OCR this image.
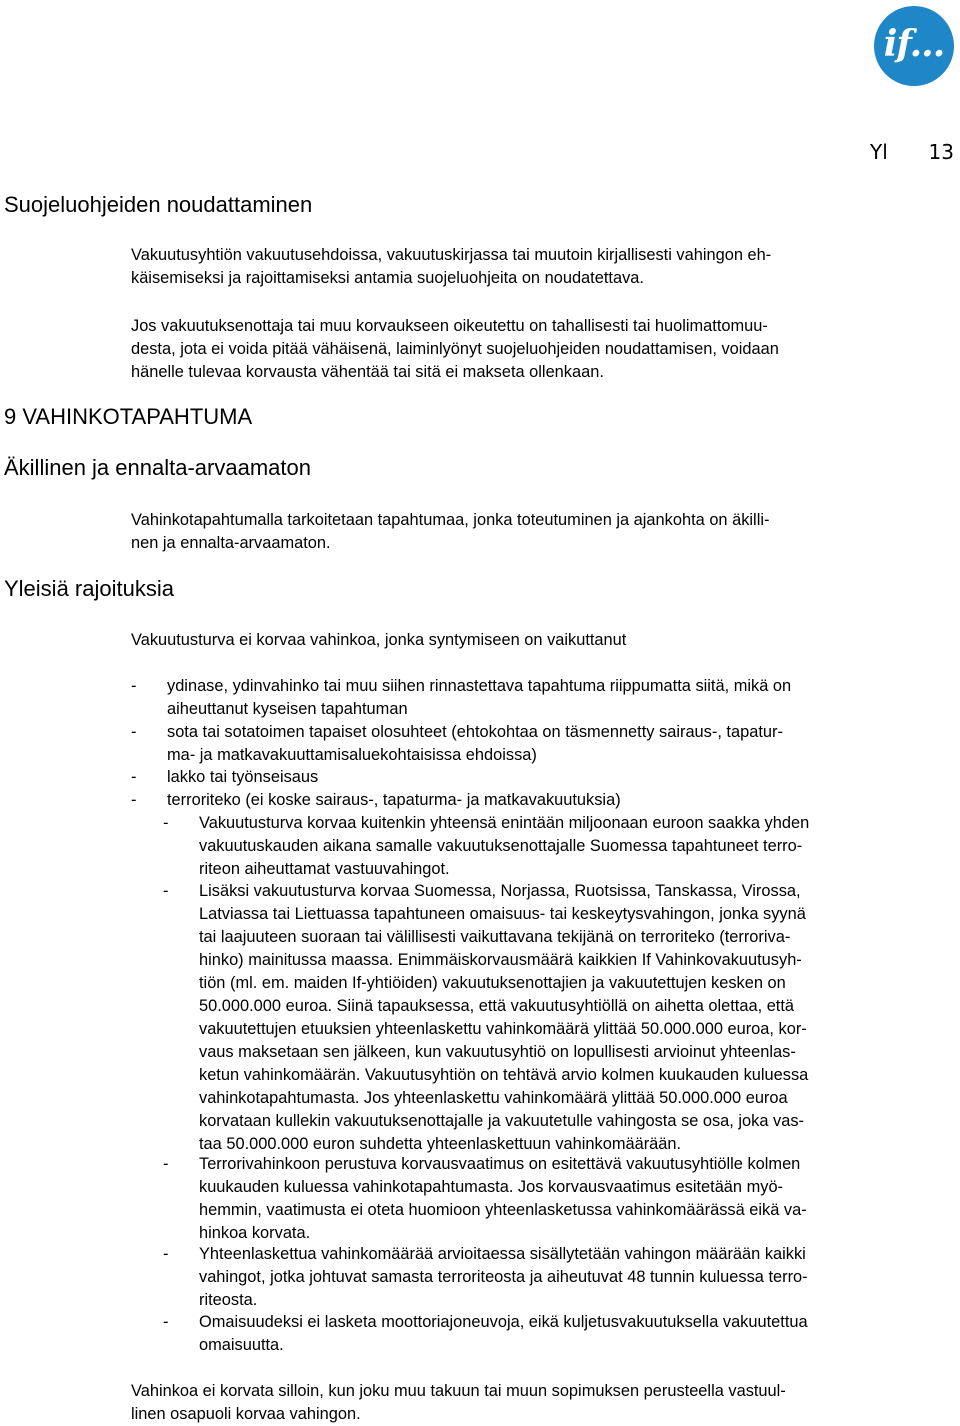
if...
Yl 13
Suojeluohjeiden noudattaminen
9 VAHINKOTAPAHTUMA
Äkillinen ja ennalta-arvaamaton
Yleisiä rajoituksia
Vakuutusyhtiön vakuutusehdoissa, vakuutuskirjassa tai muutoin kirjallisesti vahingon eh-
käisemiseksi ja rajoittamiseksi antamia suojeluohjeita on noudatettava.
Jos vakuutuksenottaja tai muu korvaukseen oikeutettu on tahallisesti tai huolimattomuu-
desta, jota ei voida pitää vähäisenä, laiminlyönyt suojeluohjeiden noudattamisen, voidaan
hänelle tulevaa korvausta vähentää tai sitä ei makseta ollenkaan.
Vahinkotapahtumalla tarkoitetaan tapahtumaa, jonka toteutuminen ja ajankohta on äkilli-
nen ja ennalta-arvaamaton.
Vakuutusturva ei korvaa vahinkoa, jonka syntymiseen on vaikuttanut
- ydinase, ydinvahinko tai muu siihen rinnastettava tapahtuma riippumatta siitä, mikä on
aiheuttanut kyseisen tapahtuman
- sota tai sotatoimen tapaiset olosuhteet (ehtokohtaa on täsmennetty sairaus-, tapatur-
ma- ja matkavakuuttamisaluekohtaisissa ehdoissa)
- lakko tai työnseisaus
- terroriteko (ei koske sairaus-, tapaturma- ja matkavakuutuksia)
- Vakuutusturva korvaa kuitenkin yhteensä enintään miljoonaan euroon saakka yhden
vakuutuskauden aikana samalle vakuutuksenottajalle Suomessa tapahtuneet terro-
riteon aiheuttamat vastuuvahingot.
- Lisäksi vakuutusturva korvaa Suomessa, Norjassa, Ruotsissa, Tanskassa, Virossa,
Latviassa tai Liettuassa tapahtuneen omaisuus- tai keskeytysvahingon, jonka syynä
tai laajuuteen suoraan tai välillisesti vaikuttavana tekijänä on terroriteko (terroriva-
hinko) mainitussa maassa. Enimmäiskorvausmäärä kaikkien If Vahinkovakuutusyh-
tiön (ml. em. maiden If-yhtiöiden) vakuutuksenottajien ja vakuutettujen kesken on
50.000.000 euroa. Siinä tapauksessa, että vakuutusyhtiöllä on aihetta olettaa, että
vakuutettujen etuuksien yhteenlaskettu vahinkomäärä ylittää 50.000.000 euroa, kor-
vaus maksetaan sen jälkeen, kun vakuutusyhtiö on lopullisesti arvioinut yhteenlas-
ketun vahinkomäärän. Vakuutusyhtiön on tehtävä arvio kolmen kuukauden kuluessa
vahinkotapahtumasta. Jos yhteenlaskettu vahinkomäärä ylittää 50.000.000 euroa
korvataan kullekin vakuutuksenottajalle ja vakuutetulle vahingosta se osa, joka vas-
taa 50.000.000 euron suhdetta yhteenlaskettuun vahinkomäärään.
- Terrorivahinkoon perustuva korvausvaatimus on esitettävä vakuutusyhtiölle kolmen
kuukauden kuluessa vahinkotapahtumasta. Jos korvausvaatimus esitetään myö-
hemmin, vaatimusta ei oteta huomioon yhteenlasketussa vahinkomäärässä eikä va-
hinkoa korvata.
- Yhteenlaskettua vahinkomäärää arvioitaessa sisällytetään vahingon määrään kaikki
vahingot, jotka johtuvat samasta terroriteosta ja aiheutuvat 48 tunnin kuluessa terro-
riteosta.
- Omaisuudeksi ei lasketa moottoriajoneuvoja, eikä kuljetusvakuutuksella vakuutettua
omaisuutta.
Vahinkoa ei korvata silloin, kun joku muu takuun tai muun sopimuksen perusteella vastuul-
linen osapuoli korvaa vahingon.
